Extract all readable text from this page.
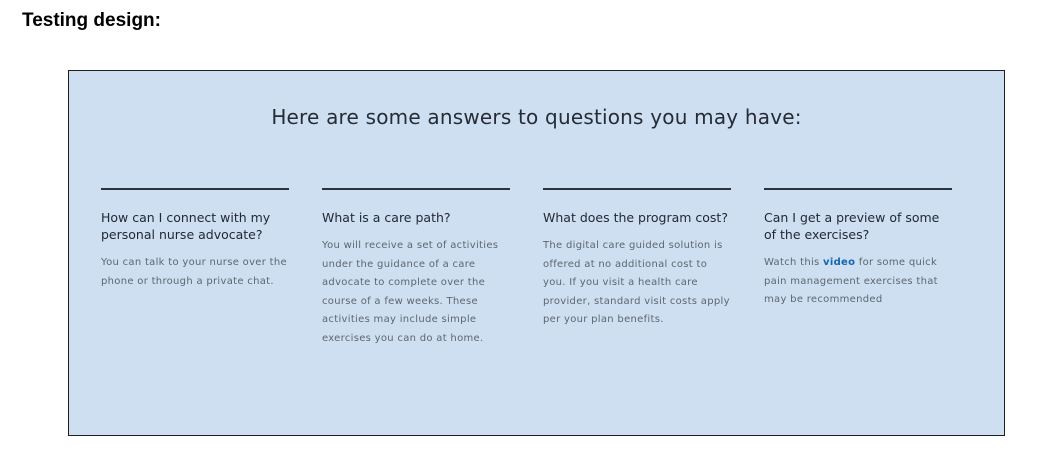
Testing design:
Here are some answers to questions you may have:
How can I connect with my personal nurse advocate?

You can talk to your nurse over the phone or through a private chat.

What is a care path?

You will receive a set of activities under the guidance of a care advocate to complete over the course of a few weeks. These activities may include simple exercises you can do at home.

What does the program cost?

The digital care guided solution is offered at no additional cost to you. If you visit a health care provider, standard visit costs apply per your plan benefits.

Can I get a preview of some of the exercises?

Watch this video for some quick pain management exercises that may be recommended
